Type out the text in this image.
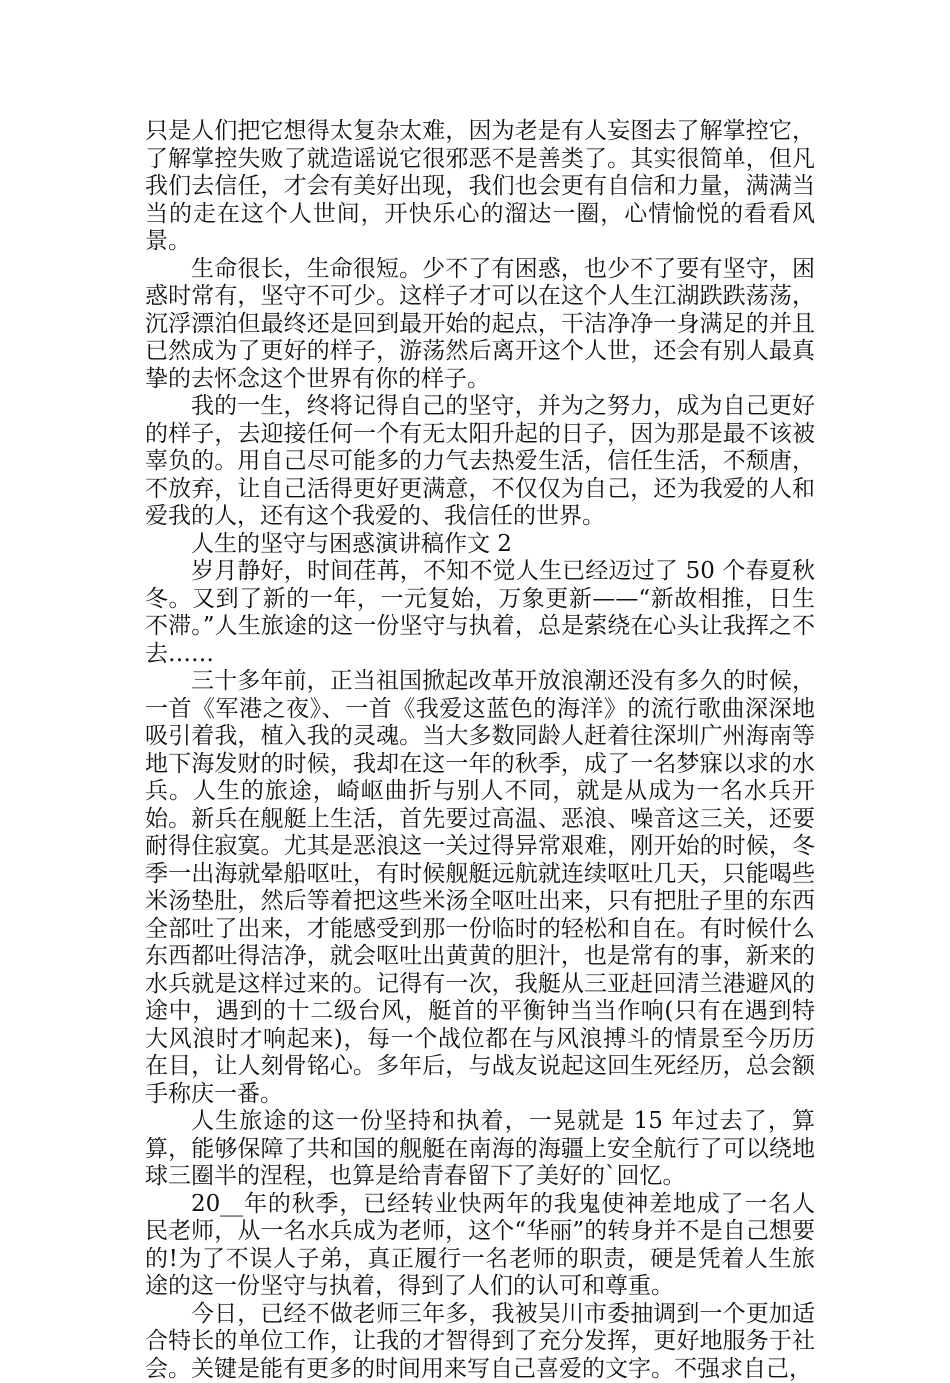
只是人们把它想得太复杂太难，因为老是有人妄图去了解掌控它，了解掌控失败了就造谣说它很邪恶不是善类了。其实很简单，但凡我们去信任，才会有美好出现，我们也会更有自信和力量，满满当当的走在这个人世间，开快乐心的溜达一圈，心情愉悦的看看风景。

生命很长，生命很短。少不了有困惑，也少不了要有坚守，困惑时常有，坚守不可少。这样子才可以在这个人生江湖跌跌荡荡，沉浮漂泊但最终还是回到最开始的起点，干洁净净一身满足的并且已然成为了更好的样子，游荡然后离开这个人世，还会有别人最真挚的去怀念这个世界有你的样子。

我的一生，终将记得自己的坚守，并为之努力，成为自己更好的样子，去迎接任何一个有无太阳升起的日子，因为那是最不该被辜负的。用自己尽可能多的力气去热爱生活，信任生活，不颓唐，不放弃，让自己活得更好更满意，不仅仅为自己，还为我爱的人和爱我的人，还有这个我爱的、我信任的世界。

人生的坚守与困惑演讲稿作文 2

岁月静好，时间荏苒，不知不觉人生已经迈过了 50 个春夏秋冬。又到了新的一年，一元复始，万象更新——“新故相推，日生不滞。”人生旅途的这一份坚守与执着，总是萦绕在心头让我挥之不去……

三十多年前，正当祖国掀起改革开放浪潮还没有多久的时候，一首《军港之夜》、一首《我爱这蓝色的海洋》的流行歌曲深深地吸引着我，植入我的灵魂。当大多数同龄人赶着往深圳广州海南等地下海发财的时候，我却在这一年的秋季，成了一名梦寐以求的水兵。人生的旅途，崎岖曲折与别人不同，就是从成为一名水兵开始。新兵在舰艇上生活，首先要过高温、恶浪、噪音这三关，还要耐得住寂寞。尤其是恶浪这一关过得异常艰难，刚开始的时候，冬季一出海就晕船呕吐，有时候舰艇远航就连续呕吐几天，只能喝些米汤垫肚，然后等着把这些米汤全呕吐出来，只有把肚子里的东西全部吐了出来，才能感受到那一份临时的轻松和自在。有时候什么东西都吐得洁净，就会呕吐出黄黄的胆汁，也是常有的事，新来的水兵就是这样过来的。记得有一次，我艇从三亚赶回清兰港避风的途中，遇到的十二级台风，艇首的平衡钟当当作响(只有在遇到特大风浪时才响起来)，每一个战位都在与风浪搏斗的情景至今历历在目，让人刻骨铭心。多年后，与战友说起这回生死经历，总会额手称庆一番。

人生旅途的这一份坚持和执着，一晃就是 15 年过去了，算算，能够保障了共和国的舰艇在南海的海疆上安全航行了可以绕地球三圈半的涅程，也算是给青春留下了美好的`回忆。

20__年的秋季，已经转业快两年的我鬼使神差地成了一名人民老师，从一名水兵成为老师，这个“华丽”的转身并不是自己想要的!为了不误人子弟，真正履行一名老师的职责，硬是凭着人生旅途的这一份坚守与执着，得到了人们的认可和尊重。

今日，已经不做老师三年多，我被吴川市委抽调到一个更加适合特长的单位工作，让我的才智得到了充分发挥，更好地服务于社会。关键是能有更多的时间用来写自己喜爱的文字。不强求自己，
